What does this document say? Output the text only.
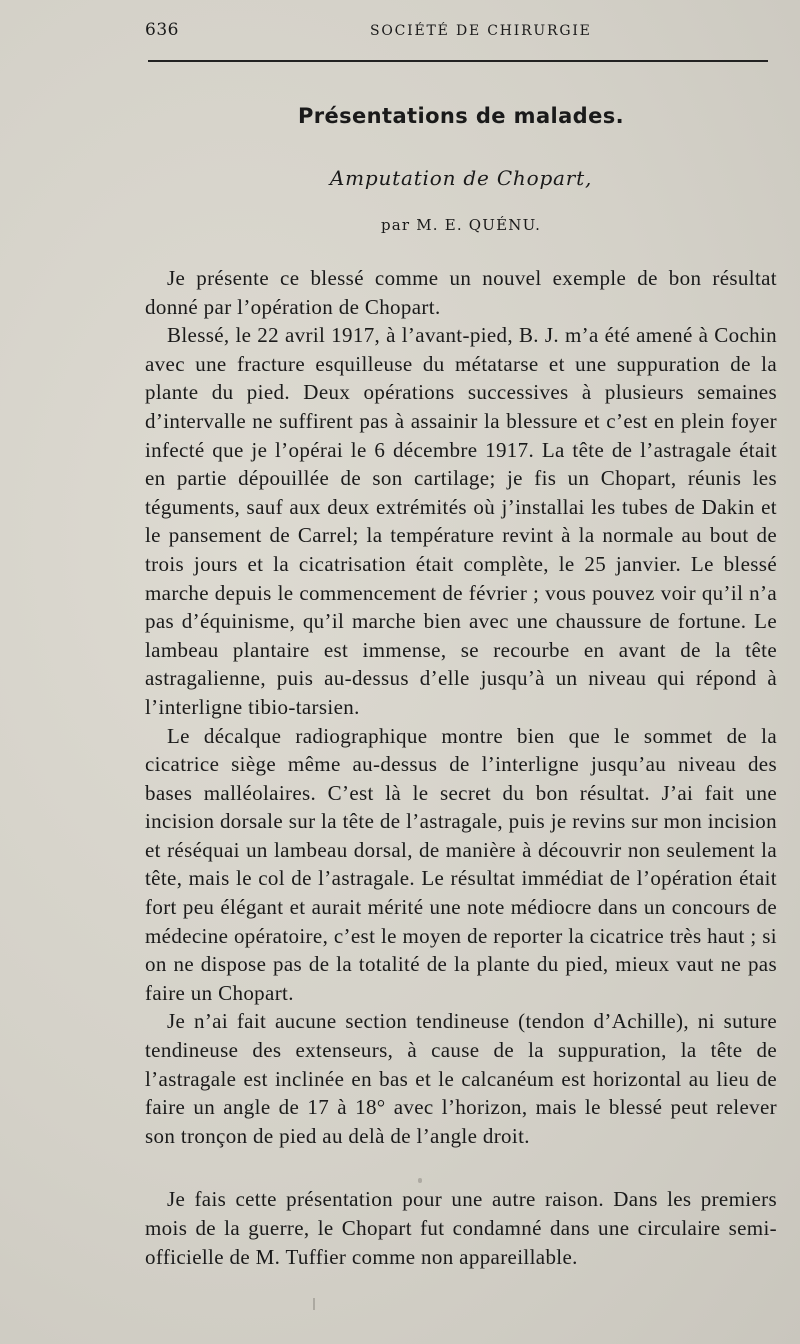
636	SOCIÉTÉ DE CHIRURGIE
Présentations de malades.
Amputation de Chopart,
par M. E. QUÉNU.

Je présente ce blessé comme un nouvel exemple de bon résultat donné par l’opération de Chopart.

Blessé, le 22 avril 1917, à l’avant-pied, B. J. m’a été amené à Cochin avec une fracture esquilleuse du métatarse et une suppuration de la plante du pied. Deux opérations successives à plusieurs semaines d’intervalle ne suffirent pas à assainir la blessure et c’est en plein foyer infecté que je l’opérai le 6 décembre 1917. La tête de l’astragale était en partie dépouillée de son cartilage; je fis un Chopart, réunis les téguments, sauf aux deux extrémités où j’installai les tubes de Dakin et le pansement de Carrel; la température revint à la normale au bout de trois jours et la cicatrisation était complète, le 25 janvier. Le blessé marche depuis le commencement de février ; vous pouvez voir qu’il n’a pas d’équinisme, qu’il marche bien avec une chaussure de fortune. Le lambeau plantaire est immense, se recourbe en avant de la tête astragalienne, puis au-dessus d’elle jusqu’à un niveau qui répond à l’interligne tibio-tarsien.

Le décalque radiographique montre bien que le sommet de la cicatrice siège même au-dessus de l’interligne jusqu’au niveau des bases malléolaires. C’est là le secret du bon résultat. J’ai fait une incision dorsale sur la tête de l’astragale, puis je revins sur mon incision et réséquai un lambeau dorsal, de manière à découvrir non seulement la tête, mais le col de l’astragale. Le résultat immédiat de l’opération était fort peu élégant et aurait mérité une note médiocre dans un concours de médecine opératoire, c’est le moyen de reporter la cicatrice très haut ; si on ne dispose pas de la totalité de la plante du pied, mieux vaut ne pas faire un Chopart.

Je n’ai fait aucune section tendineuse (tendon d’Achille), ni suture tendineuse des extenseurs, à cause de la suppuration, la tête de l’astragale est inclinée en bas et le calcanéum est horizontal au lieu de faire un angle de 17 à 18° avec l’horizon, mais le blessé peut relever son tronçon de pied au delà de l’angle droit.

Je fais cette présentation pour une autre raison. Dans les premiers mois de la guerre, le Chopart fut condamné dans une circulaire semi-officielle de M. Tuffier comme non appareillable.
